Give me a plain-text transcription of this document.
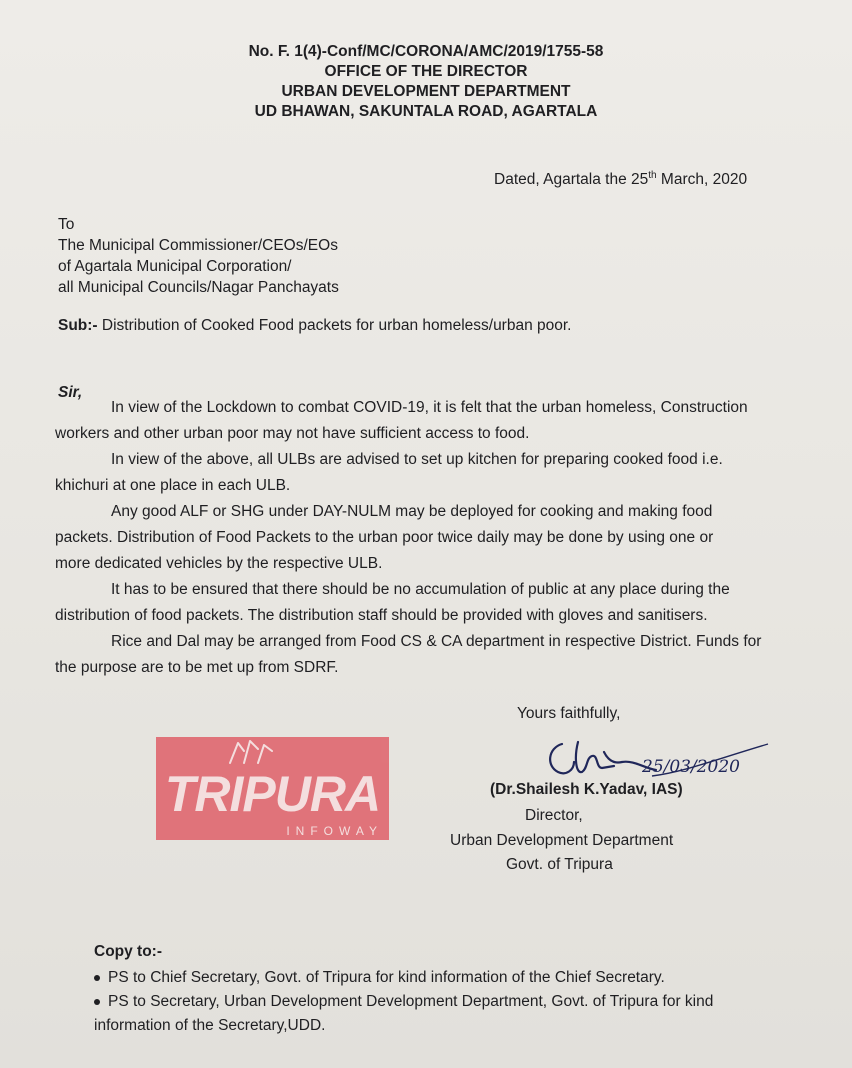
No. F. 1(4)-Conf/MC/CORONA/AMC/2019/1755-58
OFFICE OF THE DIRECTOR
URBAN DEVELOPMENT DEPARTMENT
UD BHAWAN, SAKUNTALA ROAD, AGARTALA
Dated, Agartala the 25th March, 2020
To
The Municipal Commissioner/CEOs/EOs
of Agartala Municipal Corporation/
all Municipal Councils/Nagar Panchayats
Sub:- Distribution of Cooked Food packets for urban homeless/urban poor.
Sir,
In view of the Lockdown to combat COVID-19, it is felt that the urban homeless, Construction
workers and other urban poor may not have sufficient access to food.
In view of the above, all ULBs are advised to set up kitchen for preparing cooked food i.e.
khichuri at one place in each ULB.
Any good ALF or SHG under DAY-NULM may be deployed for cooking and making food
packets. Distribution of Food Packets to the urban poor twice daily may be done by using one or
more dedicated vehicles by the respective ULB.
It has to be ensured that there should be no accumulation of public at any place during the
distribution of food packets. The distribution staff should be provided with gloves and sanitisers.
Rice and Dal may be arranged from Food CS & CA department in respective District. Funds for
the purpose are to be met up from SDRF.
Yours faithfully,
25/03/2020
(Dr.Shailesh K.Yadav, IAS)
Director,
Urban Development Department
Govt. of Tripura
TRIPURA
INFOWAY
Copy to:-
PS to Chief Secretary, Govt. of Tripura for kind information of the Chief Secretary.
PS to Secretary, Urban Development Development Department, Govt. of Tripura for kind
information of the Secretary,UDD.
